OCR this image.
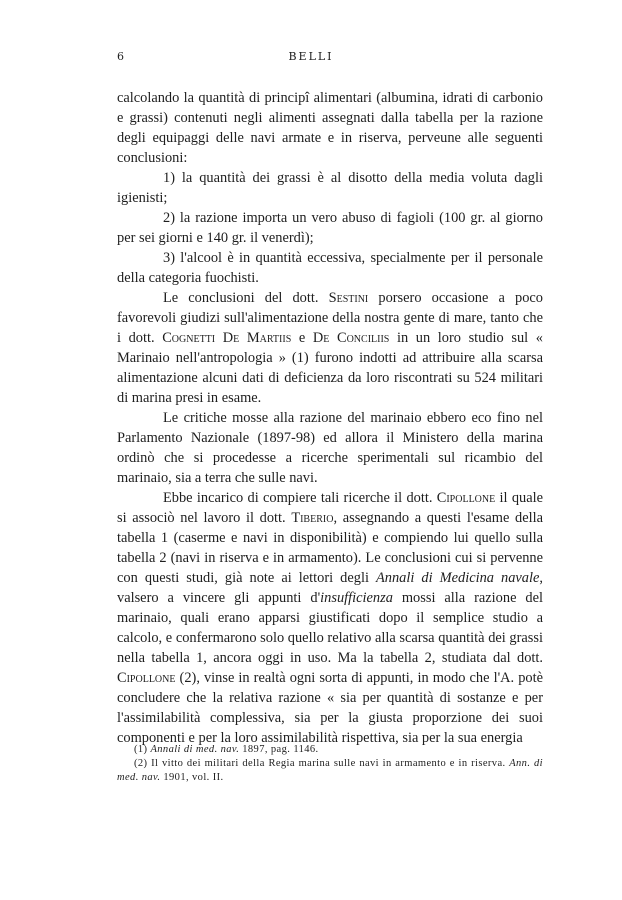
6	BELLI

calcolando la quantità di principî alimentari (albumina, idrati di carbonio e grassi) contenuti negli alimenti assegnati dalla tabella per la razione degli equipaggi delle navi armate e in riserva, perveune alle seguenti conclusioni:

1) la quantità dei grassi è al disotto della media voluta dagli igienisti;

2) la razione importa un vero abuso di fagioli (100 gr. al giorno per sei giorni e 140 gr. il venerdì);

3) l'alcool è in quantità eccessiva, specialmente per il personale della categoria fuochisti.

Le conclusioni del dott. Sestini porsero occasione a poco favorevoli giudizi sull'alimentazione della nostra gente di mare, tanto che i dott. Cognetti De Martiis e De Conciliis in un loro studio sul « Marinaio nell'antropologia » (1) furono indotti ad attribuire alla scarsa alimentazione alcuni dati di deficienza da loro riscontrati su 524 militari di marina presi in esame.

Le critiche mosse alla razione del marinaio ebbero eco fino nel Parlamento Nazionale (1897-98) ed allora il Ministero della marina ordinò che si procedesse a ricerche sperimentali sul ricambio del marinaio, sia a terra che sulle navi.

Ebbe incarico di compiere tali ricerche il dott. Cipollone il quale si associò nel lavoro il dott. Tiberio, assegnando a questi l'esame della tabella 1 (caserme e navi in disponibilità) e compiendo lui quello sulla tabella 2 (navi in riserva e in armamento). Le conclusioni cui si pervenne con questi studi, già note ai lettori degli Annali di Medicina navale, valsero a vincere gli appunti d'insufficienza mossi alla razione del marinaio, quali erano apparsi giustificati dopo il semplice studio a calcolo, e confermarono solo quello relativo alla scarsa quantità dei grassi nella tabella 1, ancora oggi in uso. Ma la tabella 2, studiata dal dott. Cipollone (2), vinse in realtà ogni sorta di appunti, in modo che l'A. potè concludere che la relativa razione « sia per quantità di sostanze e per l'assimilabilità complessiva, sia per la giusta proporzione dei suoi componenti e per la loro assimilabilità rispettiva, sia per la sua energia

(1) Annali di med. nav. 1897, pag. 1146.

(2) Il vitto dei militari della Regia marina sulle navi in armamento e in riserva. Ann. di med. nav. 1901, vol. II.
